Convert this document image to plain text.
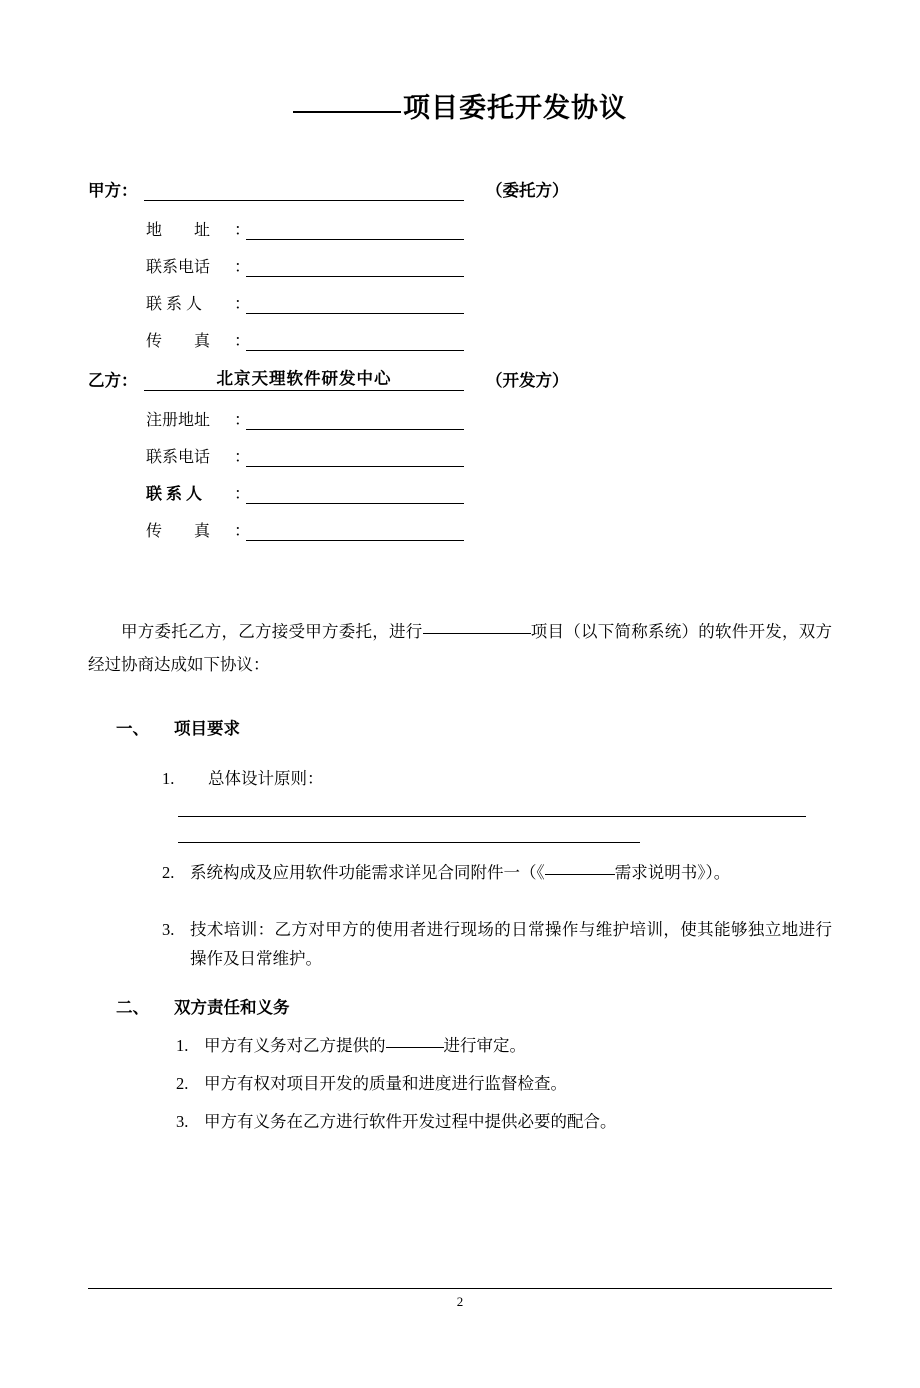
项目委托开发协议
甲方：	（委托方）
地　　址	：
联系电话	：
联 系 人	：
传　　真	：
乙方：	北京天理软件研发中心	（开发方）
注册地址	：
联系电话	：
联 系 人	：
传　　真	：
甲方委托乙方，乙方接受甲方委托，进行	项目（以下简称系统）的软件开发，双方经过协商达成如下协议：
一、 项目要求
1.	总体设计原则：
2. 系统构成及应用软件功能需求详见合同附件一（《	需求说明书》）。
3. 技术培训：乙方对甲方的使用者进行现场的日常操作与维护培训，使其能够独立地进行操作及日常维护。
二、 双方责任和义务
1. 甲方有义务对乙方提供的	进行审定。
2. 甲方有权对项目开发的质量和进度进行监督检查。
3. 甲方有义务在乙方进行软件开发过程中提供必要的配合。
2
